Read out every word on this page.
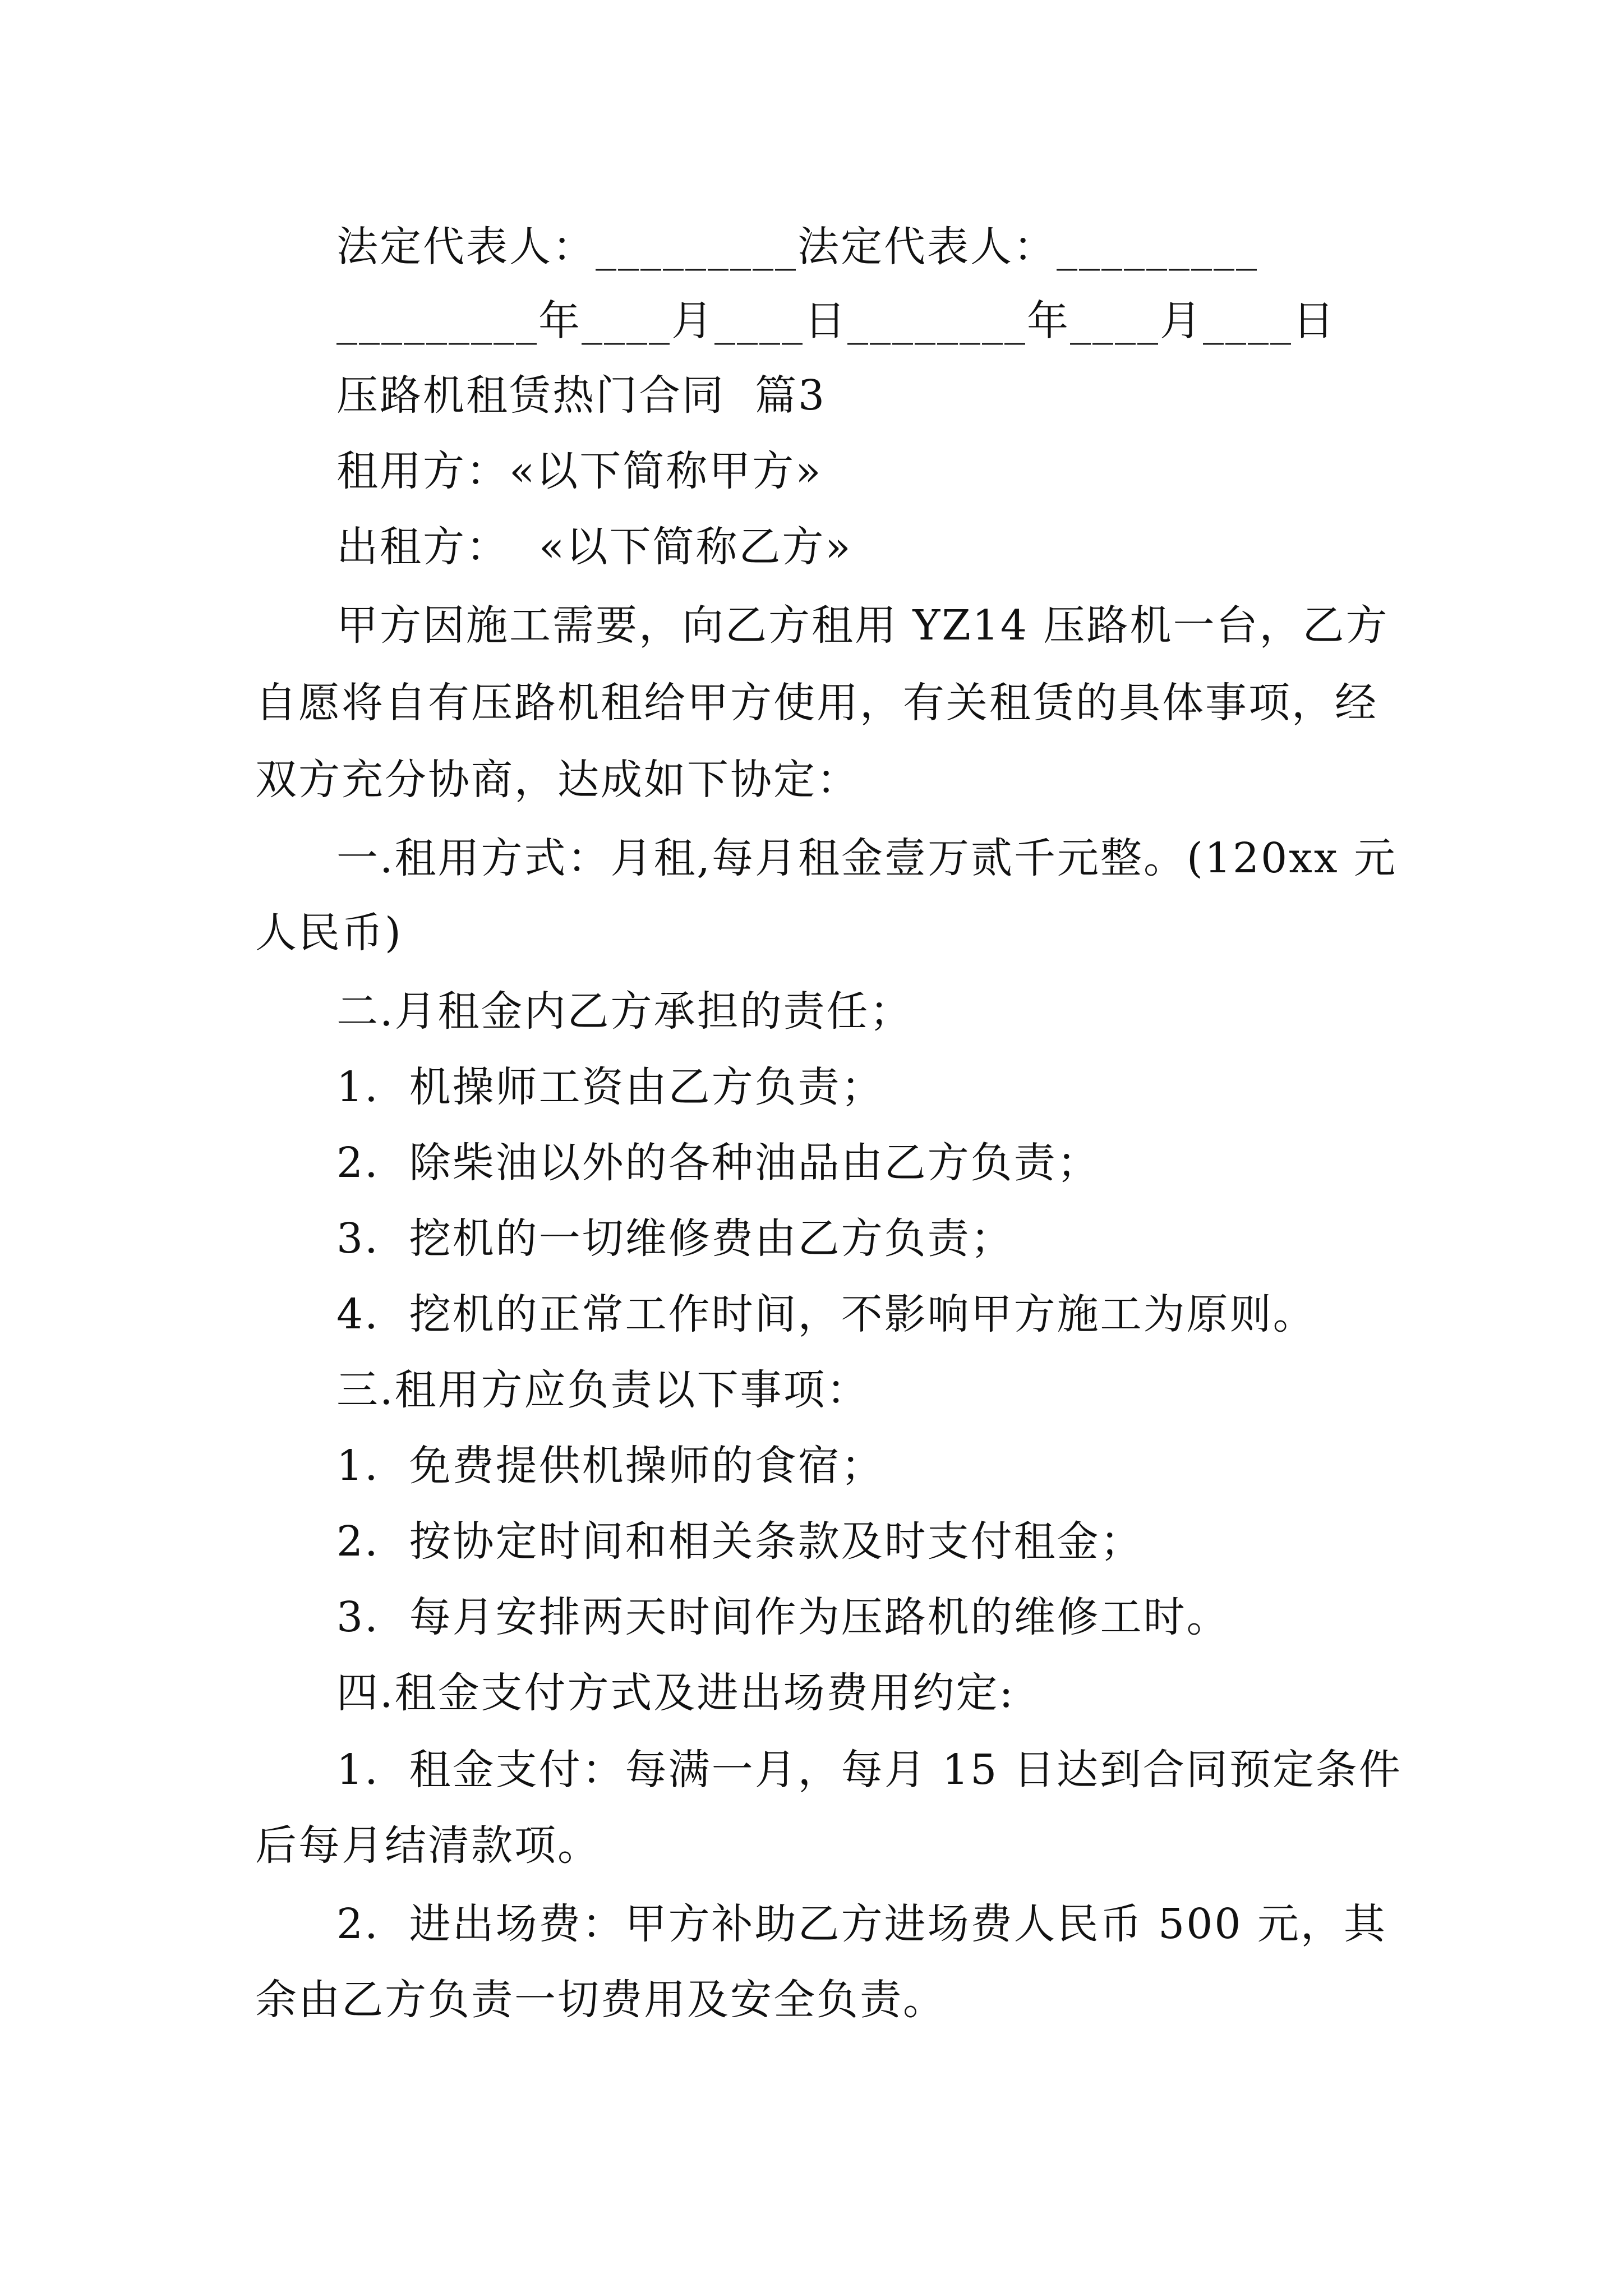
法定代表人：_________法定代表人：_________
_________年____月____日________年____月____日
压路机租赁热门合同  篇3
租用方：«以下简称甲方»
出租方：  «以下简称乙方»
甲方因施工需要，向乙方租用 YZ14 压路机一台，乙方
自愿将自有压路机租给甲方使用，有关租赁的具体事项，经
双方充分协商，达成如下协定：
一.租用方式：月租,每月租金壹万贰千元整。(120xx 元
人民币)
二.月租金内乙方承担的责任；
1.  机操师工资由乙方负责；
2.  除柴油以外的各种油品由乙方负责；
3.  挖机的一切维修费由乙方负责；
4.  挖机的正常工作时间，不影响甲方施工为原则。
三.租用方应负责以下事项：
1.  免费提供机操师的食宿；
2.  按协定时间和相关条款及时支付租金；
3.  每月安排两天时间作为压路机的维修工时。
四.租金支付方式及进出场费用约定:
1.  租金支付：每满一月，每月 15 日达到合同预定条件
后每月结清款项。
2.  进出场费：甲方补助乙方进场费人民币 500 元，其
余由乙方负责一切费用及安全负责。
